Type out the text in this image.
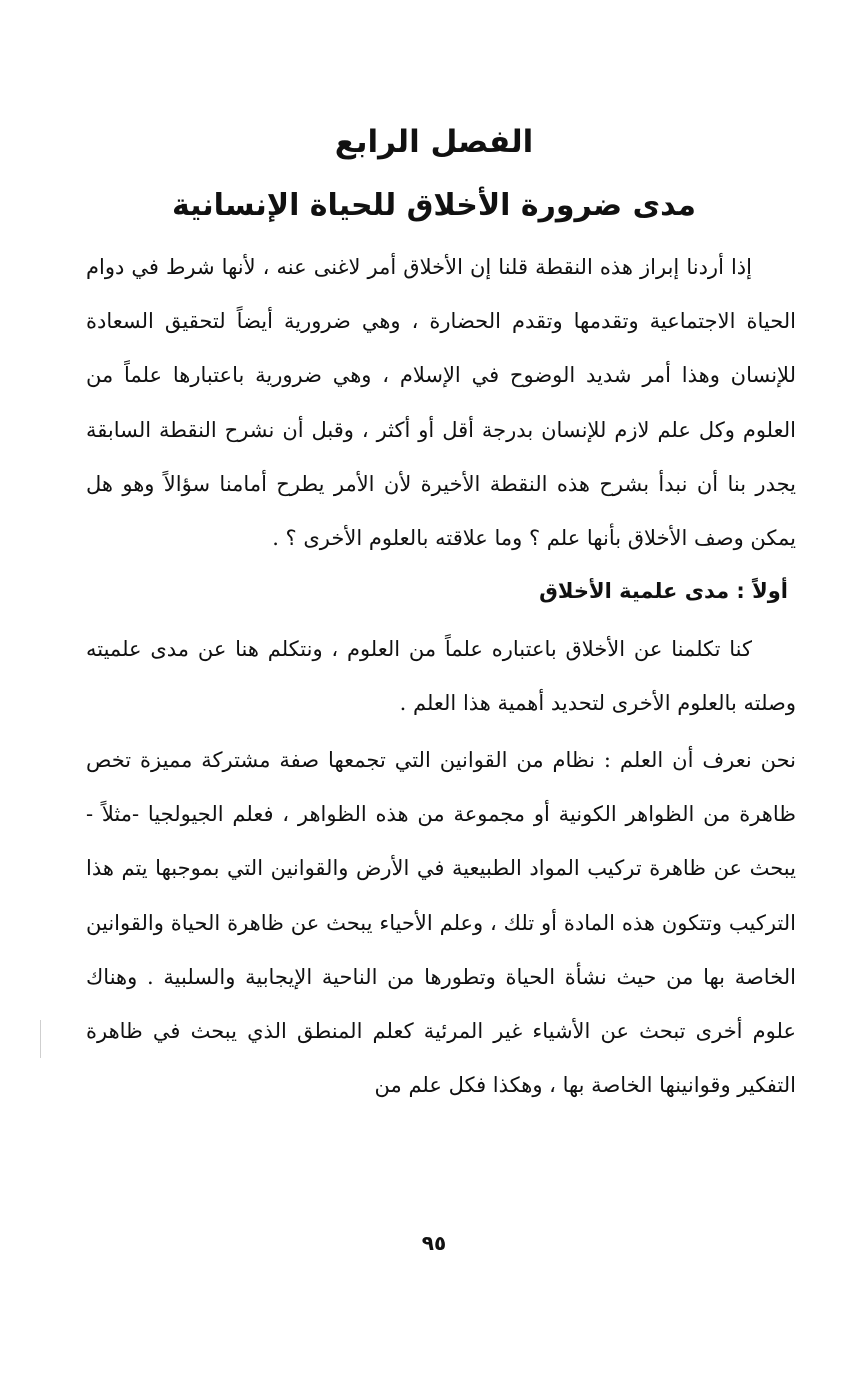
الفصل الرابع
مدى ضرورة الأخلاق للحياة الإنسانية

إذا أردنا إبراز هذه النقطة قلنا إن الأخلاق أمر لاغنى عنه ، لأنها شرط في دوام الحياة الاجتماعية وتقدمها وتقدم الحضارة ، وهي ضرورية أيضاً لتحقيق السعادة للإنسان وهذا أمر شديد الوضوح في الإسلام ، وهي ضرورية باعتبارها علماً من العلوم وكل علم لازم للإنسان بدرجة أقل أو أكثر ، وقبل أن نشرح النقطة السابقة يجدر بنا أن نبدأ بشرح هذه النقطة الأخيرة لأن الأمر يطرح أمامنا سؤالاً وهو هل يمكن وصف الأخلاق بأنها علم ؟ وما علاقته بالعلوم الأخرى ؟ .

أولاً : مدى علمية الأخلاق

كنا تكلمنا عن الأخلاق باعتباره علماً من العلوم ، ونتكلم هنا عن مدى علميته وصلته بالعلوم الأخرى لتحديد أهمية هذا العلم .

نحن نعرف أن العلم : نظام من القوانين التي تجمعها صفة مشتركة مميزة تخص ظاهرة من الظواهر الكونية أو مجموعة من هذه الظواهر ، فعلم الجيولجيا -مثلاً - يبحث عن ظاهرة تركيب المواد الطبيعية في الأرض والقوانين التي بموجبها يتم هذا التركيب وتتكون هذه المادة أو تلك ، وعلم الأحياء يبحث عن ظاهرة الحياة والقوانين الخاصة بها من حيث نشأة الحياة وتطورها من الناحية الإيجابية والسلبية . وهناك علوم أخرى تبحث عن الأشياء غير المرئية كعلم المنطق الذي يبحث في ظاهرة التفكير وقوانينها الخاصة بها ، وهكذا فكل علم من

٩٥
